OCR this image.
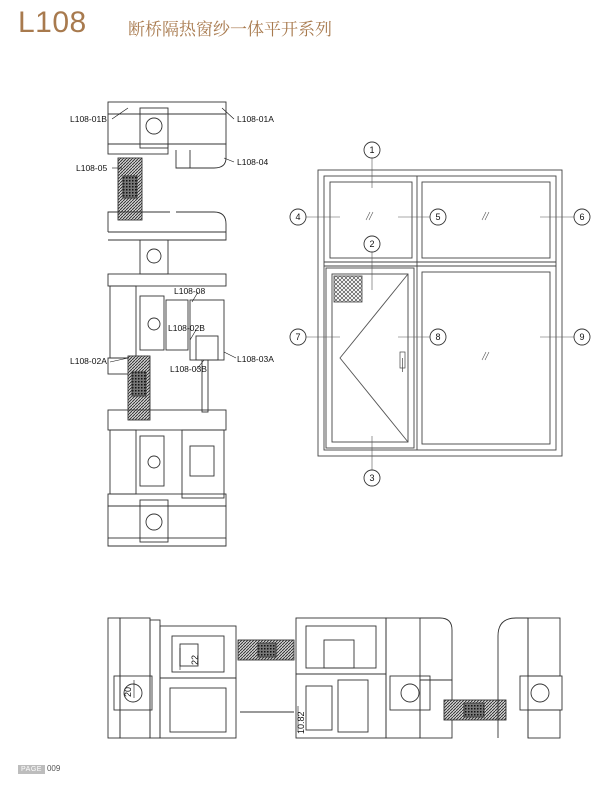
L108 断桥隔热窗纱一体平开系列
L108-01B	L108-01A
L108-05
L108-04
L108-08
L108-02B
L108-02A
L108-03B
L108-03A
1
2
3
4	5	6
7	8	9
22
20
10.82
PAGE 009
